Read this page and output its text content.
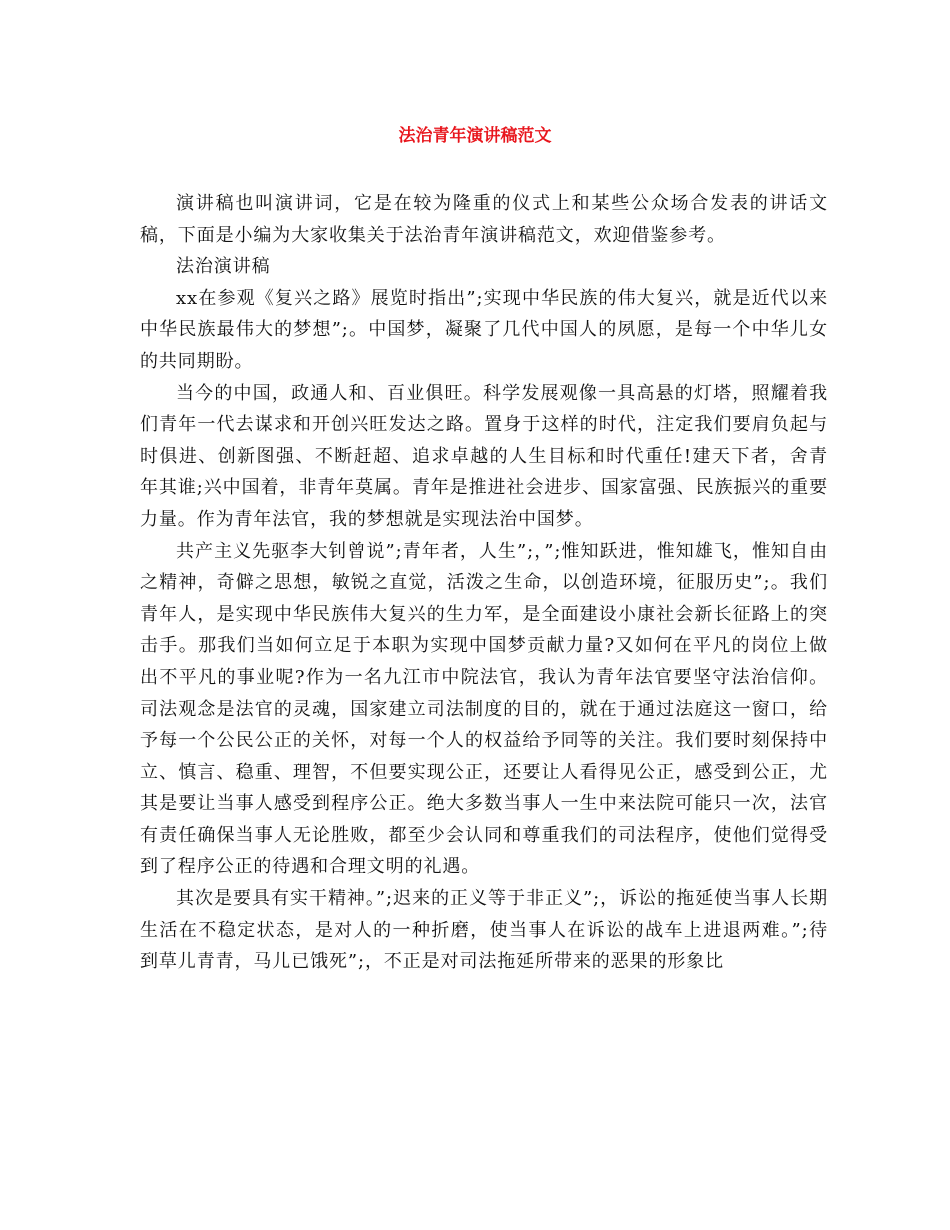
法治青年演讲稿范文

演讲稿也叫演讲词，它是在较为隆重的仪式上和某些公众场合发表的讲话文稿，下面是小编为大家收集关于法治青年演讲稿范文，欢迎借鉴参考。

法治演讲稿

xx在参观《复兴之路》展览时指出”;实现中华民族的伟大复兴，就是近代以来中华民族最伟大的梦想”;。中国梦，凝聚了几代中国人的夙愿，是每一个中华儿女的共同期盼。

当今的中国，政通人和、百业俱旺。科学发展观像一具高悬的灯塔，照耀着我们青年一代去谋求和开创兴旺发达之路。置身于这样的时代，注定我们要肩负起与时俱进、创新图强、不断赶超、追求卓越的人生目标和时代重任!建天下者，舍青年其谁;兴中国着，非青年莫属。青年是推进社会进步、国家富强、民族振兴的重要力量。作为青年法官，我的梦想就是实现法治中国梦。

共产主义先驱李大钊曾说”;青年者，人生”;，”;惟知跃进，惟知雄飞，惟知自由之精神，奇僻之思想，敏锐之直觉，活泼之生命，以创造环境，征服历史”;。我们青年人，是实现中华民族伟大复兴的生力军，是全面建设小康社会新长征路上的突击手。那我们当如何立足于本职为实现中国梦贡献力量?又如何在平凡的岗位上做出不平凡的事业呢?作为一名九江市中院法官，我认为青年法官要坚守法治信仰。司法观念是法官的灵魂，国家建立司法制度的目的，就在于通过法庭这一窗口，给予每一个公民公正的关怀，对每一个人的权益给予同等的关注。我们要时刻保持中立、慎言、稳重、理智，不但要实现公正，还要让人看得见公正，感受到公正，尤其是要让当事人感受到程序公正。绝大多数当事人一生中来法院可能只一次，法官有责任确保当事人无论胜败，都至少会认同和尊重我们的司法程序，使他们觉得受到了程序公正的待遇和合理文明的礼遇。

其次是要具有实干精神。”;迟来的正义等于非正义”;，诉讼的拖延使当事人长期生活在不稳定状态，是对人的一种折磨，使当事人在诉讼的战车上进退两难。”;待到草儿青青，马儿已饿死”;，不正是对司法拖延所带来的恶果的形象比
